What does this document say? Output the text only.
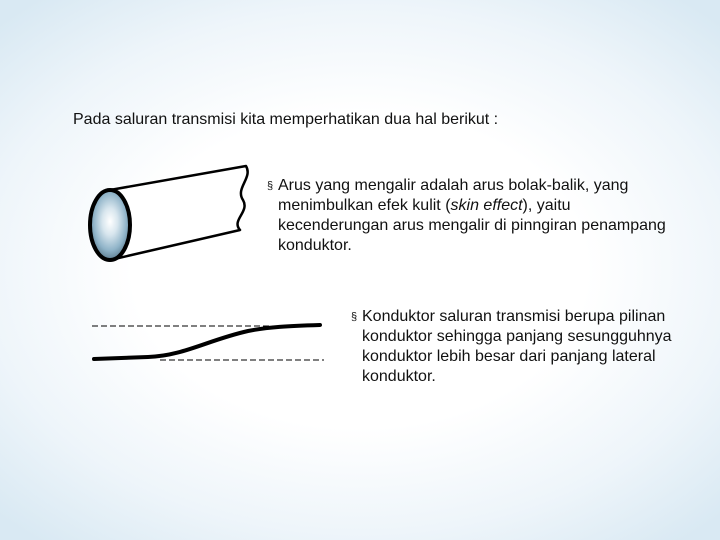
Pada saluran transmisi kita memperhatikan dua hal berikut :
§ Arus yang mengalir adalah arus bolak-balik, yang menimbulkan efek kulit (skin effect), yaitu kecenderungan arus mengalir di pinngiran penampang konduktor.
§ Konduktor saluran transmisi berupa pilinan konduktor sehingga panjang sesungguhnya konduktor lebih besar dari panjang lateral konduktor.
